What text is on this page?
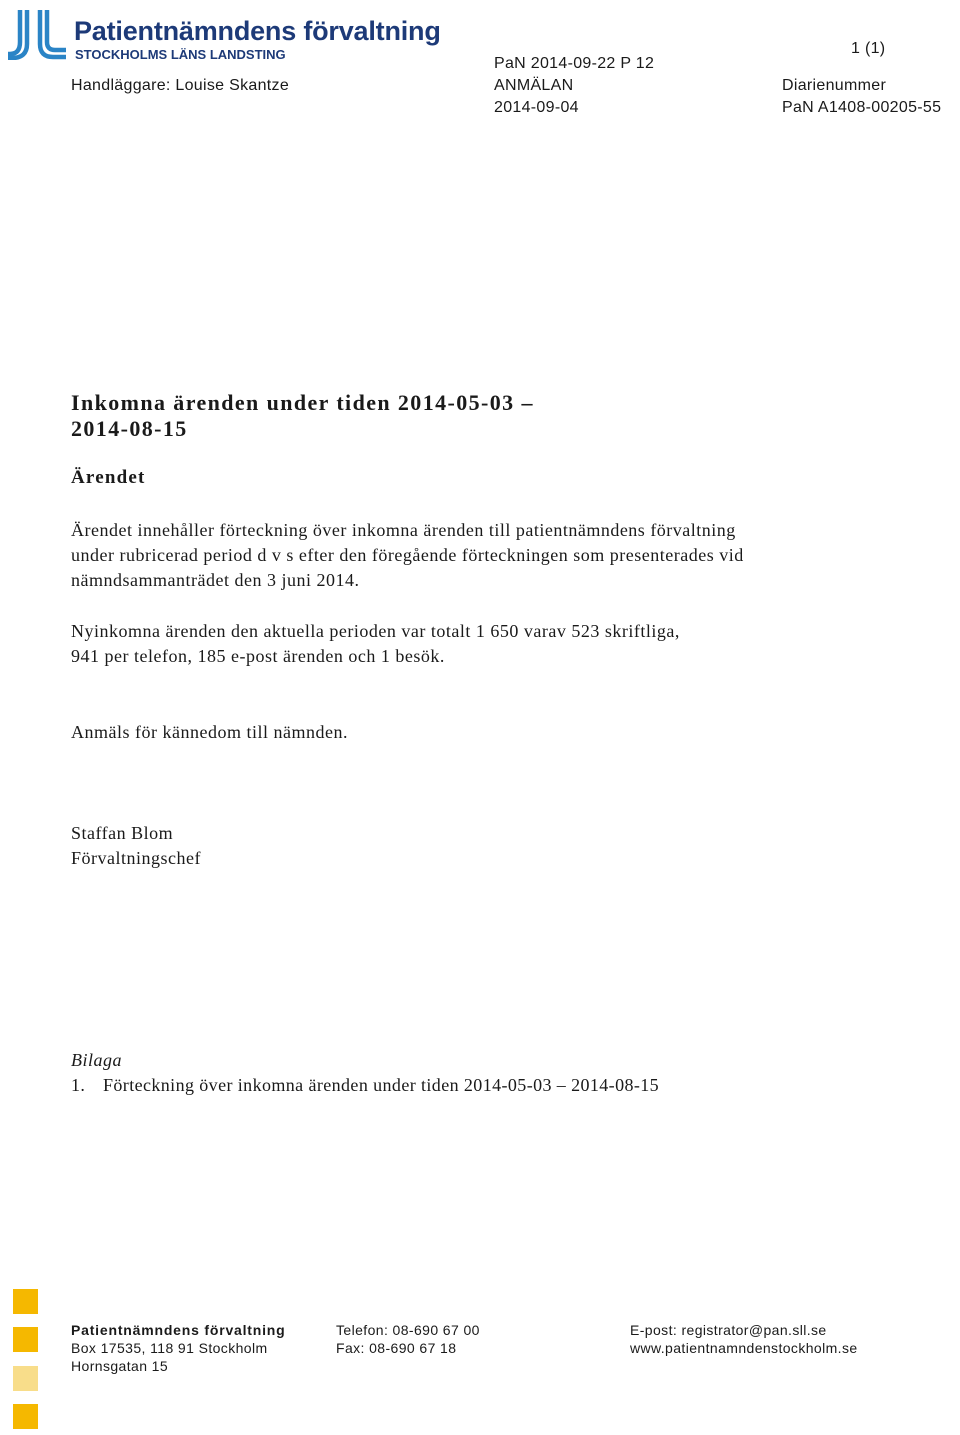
Patientnämndens förvaltning
STOCKHOLMS LÄNS LANDSTING	1 (1)
Handläggare: Louise Skantze
PaN 2014-09-22 P 12
ANMÄLAN
2014-09-04
Diarienummer
PaN A1408-00205-55
Inkomna ärenden under tiden 2014-05-03 –
2014-08-15
Ärendet

Ärendet innehåller förteckning över inkomna ärenden till patientnämndens förvaltning under rubricerad period d v s efter den föregående förteckningen som presenterades vid nämndsammanträdet den 3 juni 2014.

Nyinkomna ärenden den aktuella perioden var totalt 1 650 varav 523 skriftliga, 941 per telefon, 185 e-post ärenden och 1 besök.

Anmäls för kännedom till nämnden.

Staffan Blom
Förvaltningschef
Bilaga
1. Förteckning över inkomna ärenden under tiden 2014-05-03 – 2014-08-15
Patientnämndens förvaltning
Box 17535, 118 91 Stockholm
Hornsgatan 15
Telefon: 08-690 67 00
Fax: 08-690 67 18
E-post: registrator@pan.sll.se
www.patientnamndenstockholm.se
